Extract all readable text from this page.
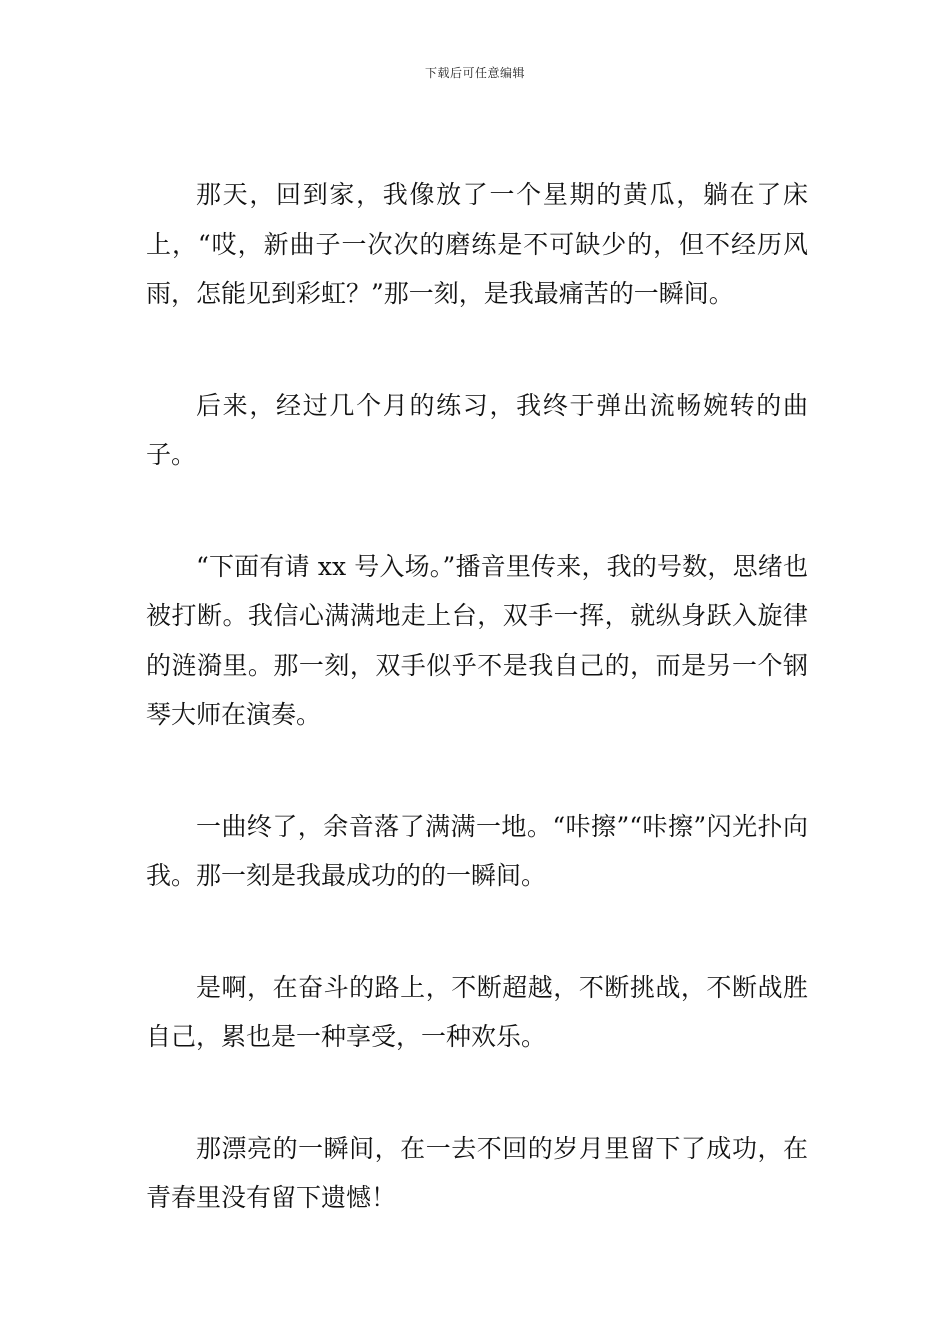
下载后可任意编辑

那天，回到家，我像放了一个星期的黄瓜，躺在了床上，“哎，新曲子一次次的磨练是不可缺少的，但不经历风雨，怎能见到彩虹？”那一刻，是我最痛苦的一瞬间。

后来，经过几个月的练习，我终于弹出流畅婉转的曲子。

“下面有请 xx 号入场。”播音里传来，我的号数，思绪也被打断。我信心满满地走上台，双手一挥，就纵身跃入旋律的涟漪里。那一刻，双手似乎不是我自己的，而是另一个钢琴大师在演奏。

一曲终了，余音落了满满一地。“咔擦”“咔擦”闪光扑向我。那一刻是我最成功的的一瞬间。

是啊，在奋斗的路上，不断超越，不断挑战，不断战胜自己，累也是一种享受，一种欢乐。

那漂亮的一瞬间，在一去不回的岁月里留下了成功，在青春里没有留下遗憾！
